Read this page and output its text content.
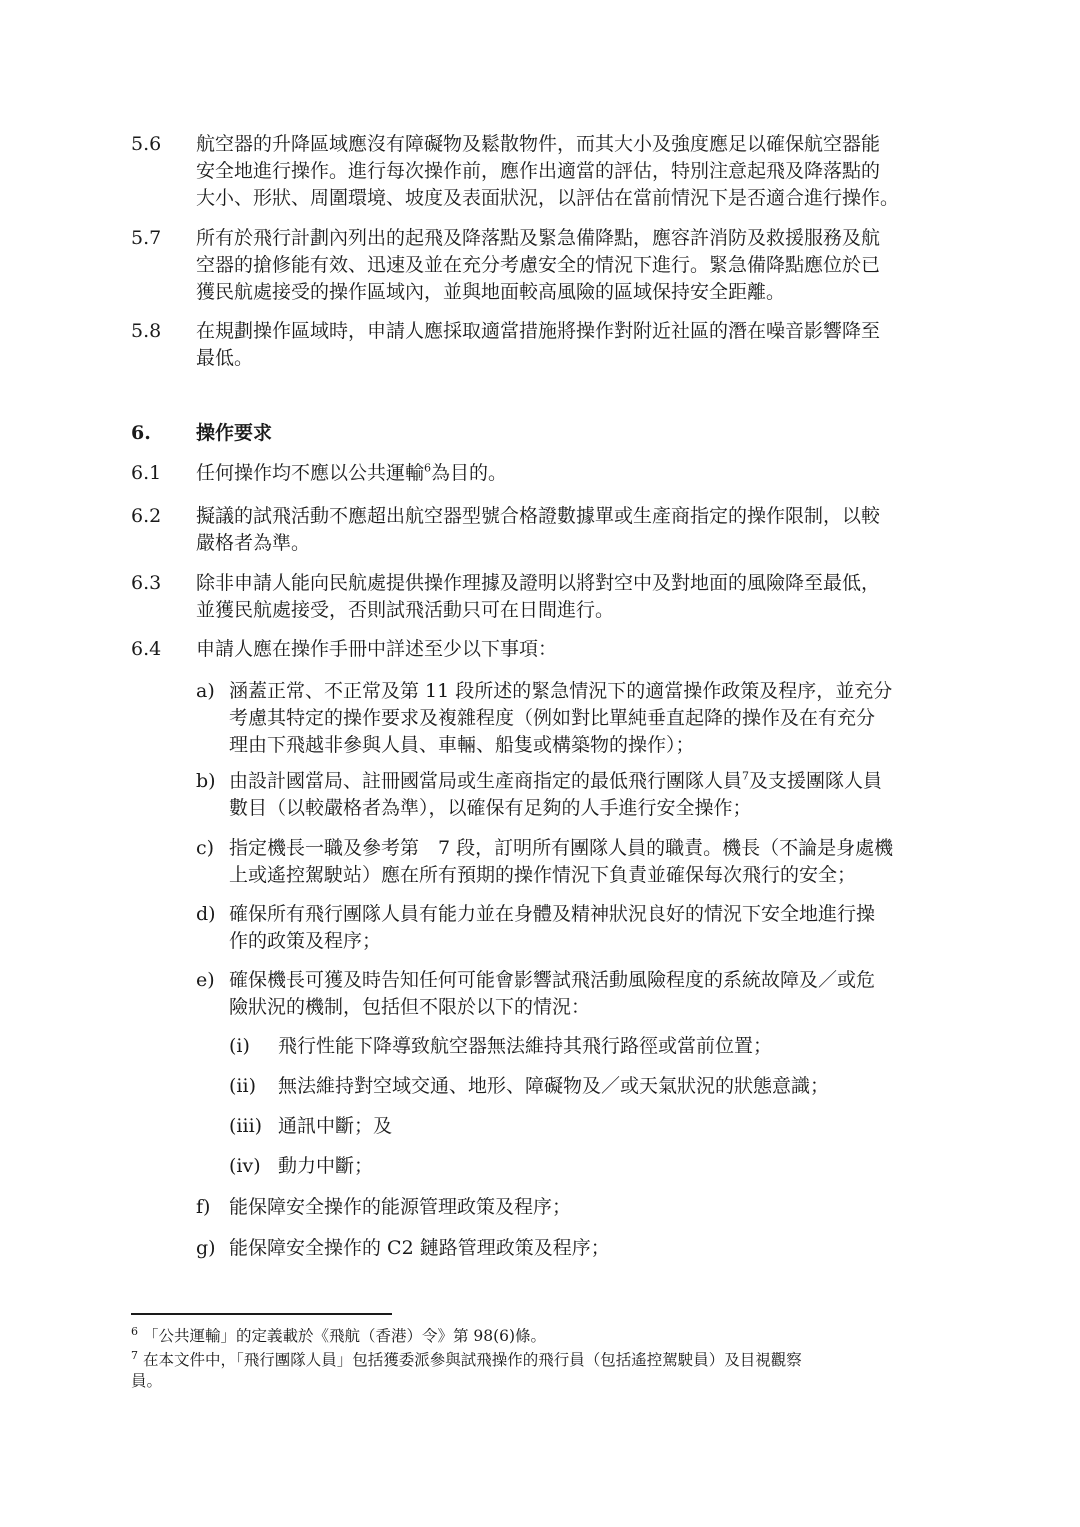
5.6 航空器的升降區域應沒有障礙物及鬆散物件，而其大小及強度應足以確保航空器能
安全地進行操作。進行每次操作前，應作出適當的評估，特別注意起飛及降落點的
大小、形狀、周圍環境、坡度及表面狀況，以評估在當前情況下是否適合進行操作。
5.7 所有於飛行計劃內列出的起飛及降落點及緊急備降點，應容許消防及救援服務及航
空器的搶修能有效、迅速及並在充分考慮安全的情況下進行。緊急備降點應位於已
獲民航處接受的操作區域內，並與地面較高風險的區域保持安全距離。
5.8 在規劃操作區域時，申請人應採取適當措施將操作對附近社區的潛在噪音影響降至
最低。
6. 操作要求
6.1 任何操作均不應以公共運輸$^6$為目的。
6.2 擬議的試飛活動不應超出航空器型號合格證數據單或生產商指定的操作限制，以較
嚴格者為準。
6.3 除非申請人能向民航處提供操作理據及證明以將對空中及對地面的風險降至最低，
並獲民航處接受，否則試飛活動只可在日間進行。
6.4 申請人應在操作手冊中詳述至少以下事項：
a) 涵蓋正常、不正常及第 11 段所述的緊急情況下的適當操作政策及程序，並充分
考慮其特定的操作要求及複雜程度（例如對比單純垂直起降的操作及在有充分
理由下飛越非參與人員、車輛、船隻或構築物的操作）；
b) 由設計國當局、註冊國當局或生產商指定的最低飛行團隊人員$^7$及支援團隊人員
數目（以較嚴格者為準），以確保有足夠的人手進行安全操作；
c) 指定機長一職及參考第　7 段，訂明所有團隊人員的職責。機長（不論是身處機
上或遙控駕駛站）應在所有預期的操作情況下負責並確保每次飛行的安全；
d) 確保所有飛行團隊人員有能力並在身體及精神狀況良好的情況下安全地進行操
作的政策及程序；
e) 確保機長可獲及時告知任何可能會影響試飛活動風險程度的系統故障及／或危
險狀況的機制，包括但不限於以下的情況：
(i) 飛行性能下降導致航空器無法維持其飛行路徑或當前位置；
(ii) 無法維持對空域交通、地形、障礙物及／或天氣狀況的狀態意識；
(iii) 通訊中斷；及
(iv) 動力中斷；
f) 能保障安全操作的能源管理政策及程序；
g) 能保障安全操作的 C2 鏈路管理政策及程序；
$^6$ 「公共運輸」的定義載於《飛航（香港）令》第 98(6)條。
$^7$ 在本文件中，「飛行團隊人員」包括獲委派參與試飛操作的飛行員（包括遙控駕駛員）及目視觀察
員。
